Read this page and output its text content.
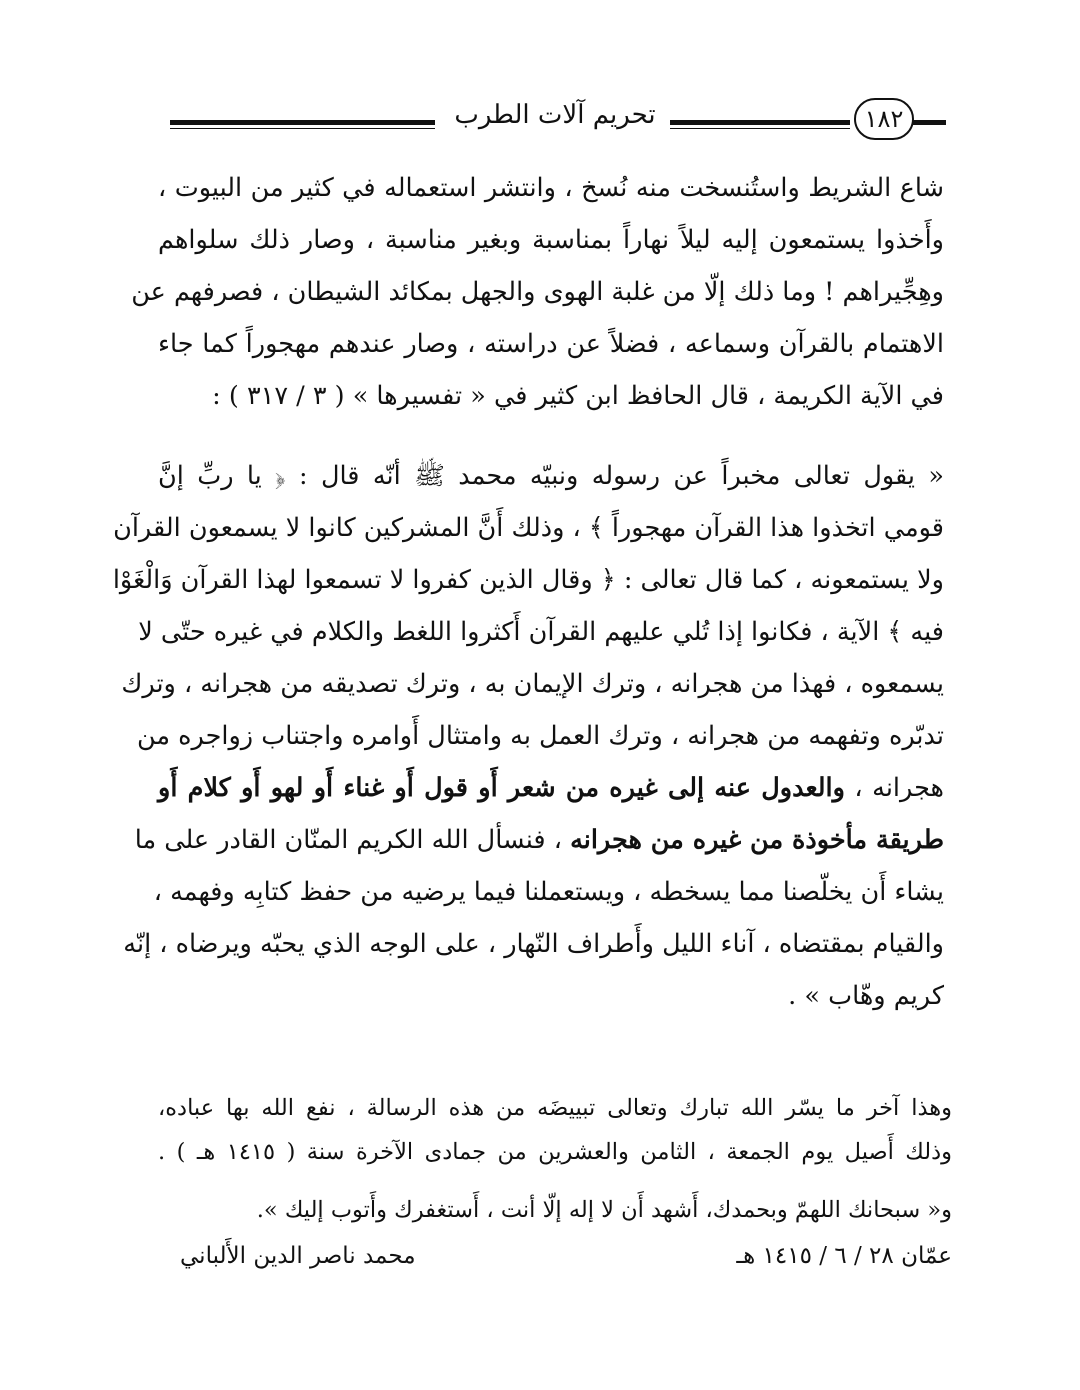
تحريم آلات الطرب	١٨٢
شاع الشريط واستُنسخت منه نُسخ ، وانتشر استعماله في كثير من البيوت ،
وأَخذوا يستمعون إليه ليلاً نهاراً بمناسبة وبغير مناسبة ، وصار ذلك سلواهم
وهِجِّيراهم ! وما ذلك إلّا من غلبة الهوى والجهل بمكائد الشيطان ، فصرفهم عن
الاهتمام بالقرآن وسماعه ، فضلاً عن دراسته ، وصار عندهم مهجوراً كما جاء
في الآية الكريمة ، قال الحافظ ابن كثير في « تفسيرها » ( ٣ / ٣١٧ ) :
« يقول تعالى مخبراً عن رسوله ونبيّه محمد ﷺ أنّه قال : ﴿ يا ربِّ إنَّ
قومي اتخذوا هذا القرآن مهجوراً ﴾ ، وذلك أَنَّ المشركين كانوا لا يسمعون القرآن
ولا يستمعونه ، كما قال تعالى : ﴿ وقال الذين كفروا لا تسمعوا لهذا القرآن وَالْغَوْا
فيه ﴾ الآية ، فكانوا إذا تُلي عليهم القرآن أَكثروا اللغط والكلام في غيره حتّى لا
يسمعوه ، فهذا من هجرانه ، وترك الإيمان به ، وترك تصديقه من هجرانه ، وترك
تدبّره وتفهمه من هجرانه ، وترك العمل به وامتثال أَوامره واجتناب زواجره من
هجرانه ، والعدول عنه إلى غيره من شعر أَو قول أَو غناء أَو لهو أَو كلام أَو
طريقة مأخوذة من غيره من هجرانه ، فنسأل الله الكريم المنّان القادر على ما
يشاء أَن يخلّصنا مما يسخطه ، ويستعملنا فيما يرضيه من حفظ كتابِه وفهمه ،
والقيام بمقتضاه ، آناء الليل وأَطراف النّهار ، على الوجه الذي يحبّه ويرضاه ، إنّه
كريم وهّاب » .
وهذا آخر ما يسّر الله تبارك وتعالى تبييضَه من هذه الرسالة ، نفع الله بها عباده،
وذلك أَصيل يوم الجمعة ، الثامن والعشرين من جمادى الآخرة سنة ( ١٤١٥ هـ ) .
و« سبحانك اللهمّ وبحمدك، أَشهد أَن لا إله إلّا أنت ، أَستغفرك وأَتوب إليك ».
عمّان ٢٨ / ٦ / ١٤١٥ هـ
محمد ناصر الدين الأَلباني
